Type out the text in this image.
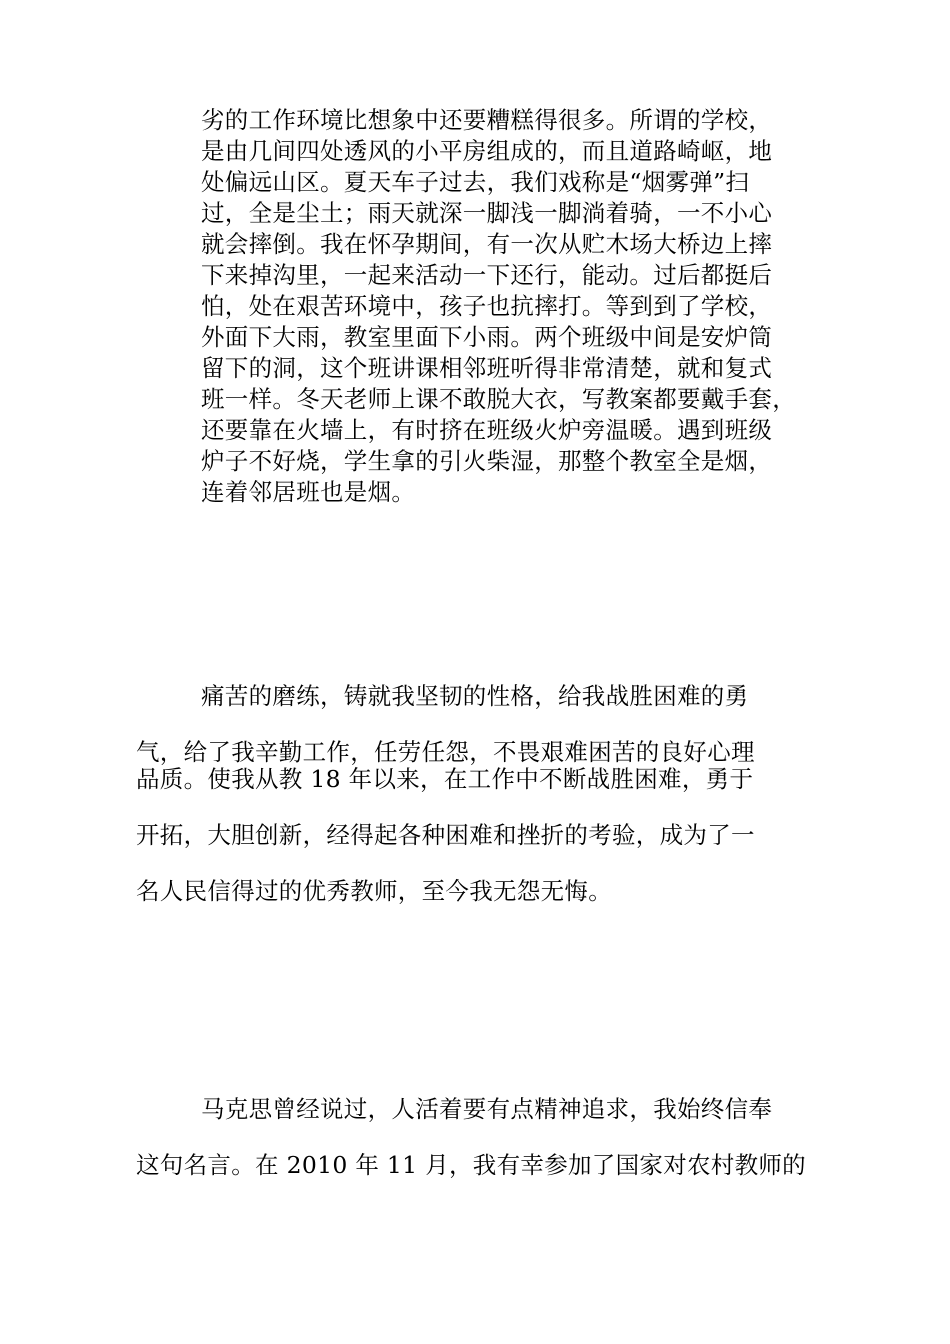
劣的工作环境比想象中还要糟糕得很多。所谓的学校，
是由几间四处透风的小平房组成的，而且道路崎岖，地
处偏远山区。夏天车子过去，我们戏称是“烟雾弹”扫
过，全是尘土；雨天就深一脚浅一脚淌着骑，一不小心
就会摔倒。我在怀孕期间，有一次从贮木场大桥边上摔
下来掉沟里，一起来活动一下还行，能动。过后都挺后
怕，处在艰苦环境中，孩子也抗摔打。等到到了学校，
外面下大雨，教室里面下小雨。两个班级中间是安炉筒
留下的洞，这个班讲课相邻班听得非常清楚，就和复式
班一样。冬天老师上课不敢脱大衣，写教案都要戴手套，
还要靠在火墙上，有时挤在班级火炉旁温暖。遇到班级
炉子不好烧，学生拿的引火柴湿，那整个教室全是烟，
连着邻居班也是烟。
痛苦的磨练，铸就我坚韧的性格，给我战胜困难的勇
气，给了我辛勤工作，任劳任怨，不畏艰难困苦的良好心理
品质。使我从教 18 年以来，在工作中不断战胜困难，勇于
开拓，大胆创新，经得起各种困难和挫折的考验，成为了一
名人民信得过的优秀教师，至今我无怨无悔。
马克思曾经说过，人活着要有点精神追求，我始终信奉
这句名言。在 2010 年 11 月，我有幸参加了国家对农村教师的
